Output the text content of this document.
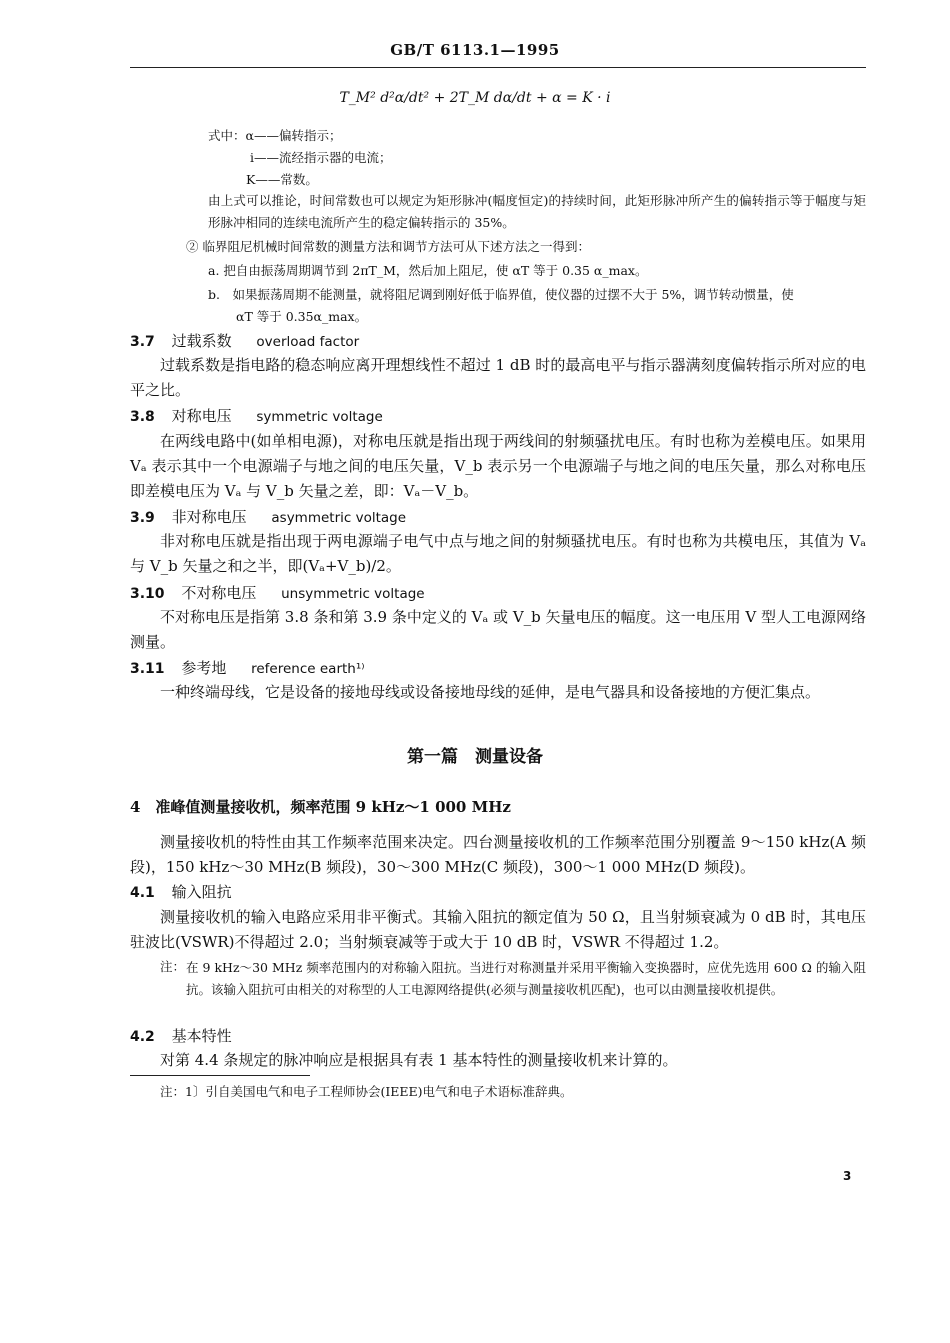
GB/T 6113.1—1995
T_M² d²α/dt² + 2T_M dα/dt + α = K · i
式中：α——偏转指示；
i——流经指示器的电流；
K——常数。
由上式可以推论，时间常数也可以规定为矩形脉冲(幅度恒定)的持续时间，此矩形脉冲所产生的偏转指示等于幅度与矩形脉冲相同的连续电流所产生的稳定偏转指示的 35%。
② 临界阻尼机械时间常数的测量方法和调节方法可从下述方法之一得到：
a. 把自由振荡周期调节到 2πT_M，然后加上阻尼，使 αT 等于 0.35 α_max。
b.　如果振荡周期不能测量，就将阻尼调到刚好低于临界值，使仪器的过摆不大于 5%，调节转动惯量，使
αT 等于 0.35α_max。
3.7 过载系数 overload factor
过载系数是指电路的稳态响应离开理想线性不超过 1 dB 时的最高电平与指示器满刻度偏转指示所对应的电平之比。
3.8 对称电压 symmetric voltage
在两线电路中(如单相电源)，对称电压就是指出现于两线间的射频骚扰电压。有时也称为差模电压。如果用 Vₐ 表示其中一个电源端子与地之间的电压矢量，V_b 表示另一个电源端子与地之间的电压矢量，那么对称电压即差模电压为 Vₐ 与 V_b 矢量之差，即：Vₐ－V_b。
3.9 非对称电压 asymmetric voltage
非对称电压就是指出现于两电源端子电气中点与地之间的射频骚扰电压。有时也称为共模电压，其值为 Vₐ 与 V_b 矢量之和之半，即(Vₐ+V_b)/2。
3.10 不对称电压 unsymmetric voltage
不对称电压是指第 3.8 条和第 3.9 条中定义的 Vₐ 或 V_b 矢量电压的幅度。这一电压用 V 型人工电源网络测量。
3.11 参考地 reference earth¹⁾
一种终端母线，它是设备的接地母线或设备接地母线的延伸，是电气器具和设备接地的方便汇集点。
第一篇　测量设备
4　准峰值测量接收机，频率范围 9 kHz～1 000 MHz
测量接收机的特性由其工作频率范围来决定。四台测量接收机的工作频率范围分别覆盖 9～150 kHz(A 频段)，150 kHz～30 MHz(B 频段)，30～300 MHz(C 频段)，300～1 000 MHz(D 频段)。
4.1 输入阻抗
测量接收机的输入电路应采用非平衡式。其输入阻抗的额定值为 50 Ω，且当射频衰减为 0 dB 时，其电压驻波比(VSWR)不得超过 2.0；当射频衰减等于或大于 10 dB 时，VSWR 不得超过 1.2。
注： 在 9 kHz～30 MHz 频率范围内的对称输入阻抗。当进行对称测量并采用平衡输入变换器时，应优先选用 600 Ω 的输入阻抗。该输入阻抗可由相关的对称型的人工电源网络提供(必须与测量接收机匹配)，也可以由测量接收机提供。
4.2 基本特性
对第 4.4 条规定的脉冲响应是根据具有表 1 基本特性的测量接收机来计算的。
注：1〕引自美国电气和电子工程师协会(IEEE)电气和电子术语标准辞典。
3
